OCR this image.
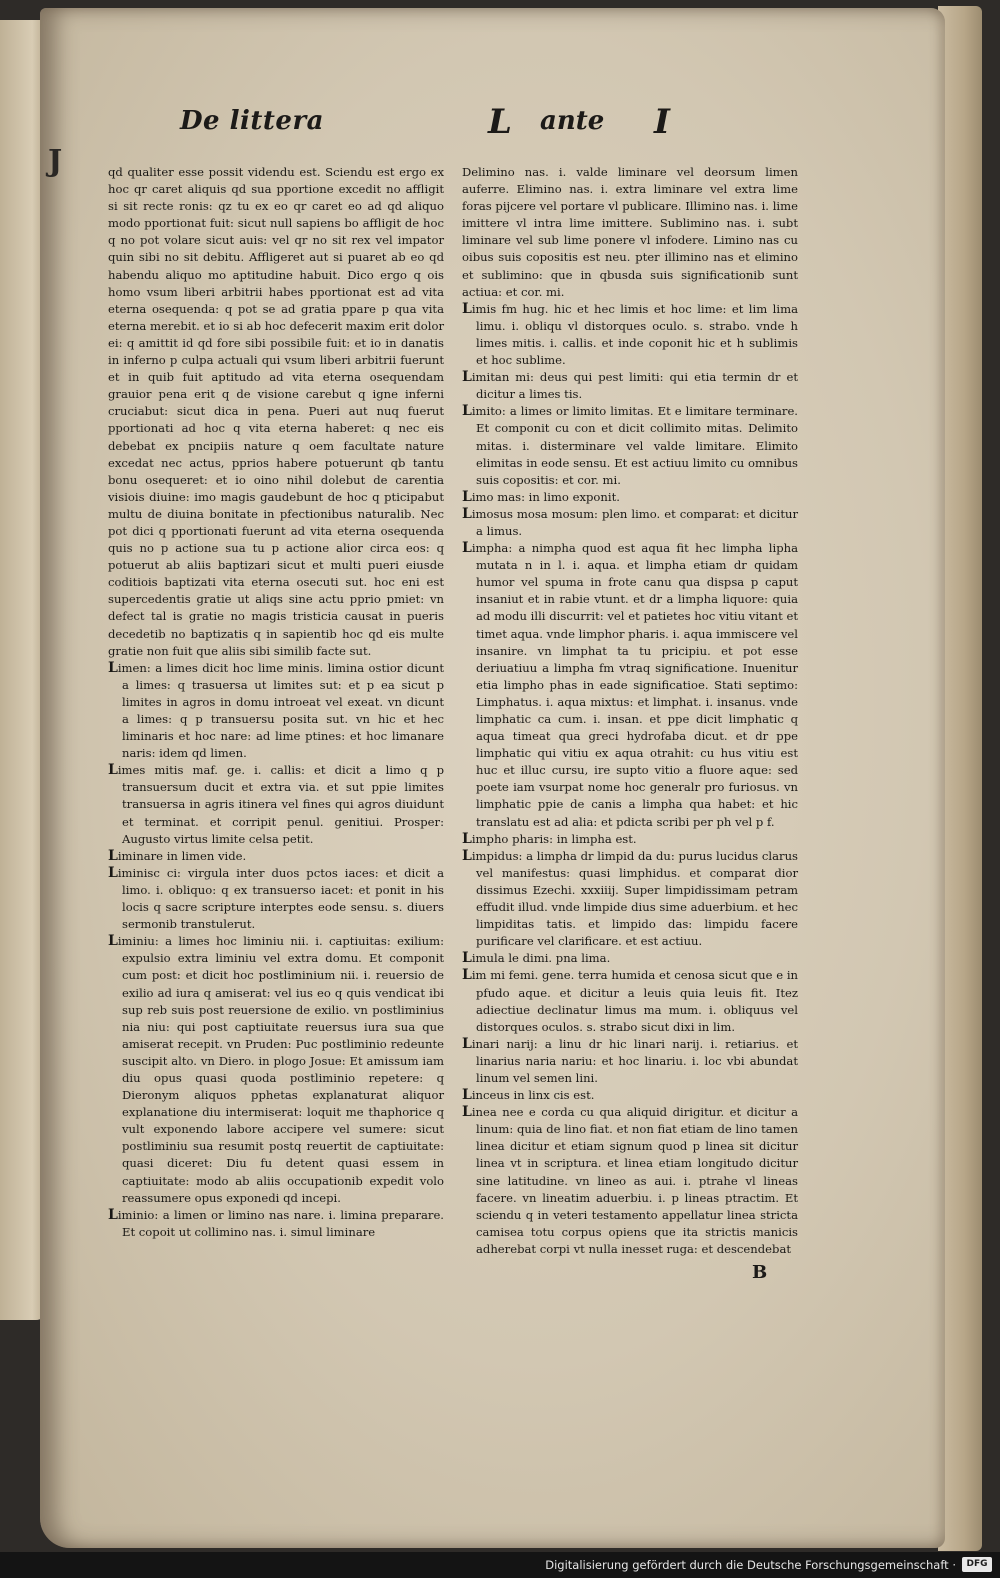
J
De littera	L ante I

qd qualiter esse possit videndu est. Sciendu est ergo ex hoc qr caret aliquis qd sua pportione excedit no affligit si sit recte ronis: qz tu ex eo qr caret eo ad qd aliquo modo pportionat fuit: sicut null sapiens bo affligit de hoc q no pot volare sicut auis: vel qr no sit rex vel impator quin sibi no sit debitu. Affligeret aut si puaret ab eo qd habendu aliquo mo aptitudine habuit. Dico ergo q ois homo vsum liberi arbitrii habes pportionat est ad vita eterna osequenda: q pot se ad gratia ppare p qua vita eterna merebit. et io si ab hoc defecerit maxim erit dolor ei: q amittit id qd fore sibi possibile fuit: et io in danatis in inferno p culpa actuali qui vsum liberi arbitrii fuerunt et in quib fuit aptitudo ad vita eterna osequendam grauior pena erit q de visione carebut q igne inferni cruciabut: sicut dica in pena. Pueri aut nuq fuerut pportionati ad hoc q vita eterna haberet: q nec eis debebat ex pncipiis nature q oem facultate nature excedat nec actus, pprios habere potuerunt qb tantu bonu osequeret: et io oino nihil dolebut de carentia visiois diuine: imo magis gaudebunt de hoc q pticipabut multu de diuina bonitate in pfectionibus naturalib. Nec pot dici q pportionati fuerunt ad vita eterna osequenda quis no p actione sua tu p actione alior circa eos: q potuerut ab aliis baptizari sicut et multi pueri eiusde coditiois baptizati vita eterna osecuti sut. hoc eni est supercedentis gratie ut aliqs sine actu pprio pmiet: vn defect tal is gratie no magis tristicia causat in pueris decedetib no baptizatis q in sapientib hoc qd eis multe gratie non fuit que aliis sibi similib facte sut.

Limen: a limes dicit hoc lime minis. limina ostior dicunt a limes: q trasuersa ut limites sut: et p ea sicut p limites in agros in domu introeat vel exeat. vn dicunt a limes: q p transuersu posita sut. vn hic et hec liminaris et hoc nare: ad lime ptines: et hoc limanare naris: idem qd limen.

Limes mitis maf. ge. i. callis: et dicit a limo q p transuersum ducit et extra via. et sut ppie limites transuersa in agris itinera vel fines qui agros diuidunt et terminat. et corripit penul. genitiui. Prosper: Augusto virtus limite celsa petit.

Liminare in limen vide.

Liminisc ci: virgula inter duos pctos iaces: et dicit a limo. i. obliquo: q ex transuerso iacet: et ponit in his locis q sacre scripture interptes eode sensu. s. diuers sermonib transtulerut.

Liminiu: a limes hoc liminiu nii. i. captiuitas: exilium: expulsio extra liminiu vel extra domu. Et componit cum post: et dicit hoc postliminium nii. i. reuersio de exilio ad iura q amiserat: vel ius eo q quis vendicat ibi sup reb suis post reuersione de exilio. vn postliminius nia niu: qui post captiuitate reuersus iura sua que amiserat recepit. vn Pruden: Puc postliminio redeunte suscipit alto. vn Diero. in plogo Josue: Et amissum iam diu opus quasi quoda postliminio repetere: q Dieronym aliquos pphetas explanaturat aliquor explanatione diu intermiserat: loquit me thaphorice q vult exponendo labore accipere vel sumere: sicut postliminiu sua resumit postq reuertit de captiuitate: quasi diceret: Diu fu detent quasi essem in captiuitate: modo ab aliis occupationib expedit volo reassumere opus exponedi qd incepi.

Liminio: a limen or limino nas nare. i. limina preparare. Et copoit ut collimino nas. i. simul liminare

Delimino nas. i. valde liminare vel deorsum limen auferre. Elimino nas. i. extra liminare vel extra lime foras pijcere vel portare vl publicare. Illimino nas. i. lime imittere vl intra lime imittere. Sublimino nas. i. subt liminare vel sub lime ponere vl infodere. Limino nas cu oibus suis copositis est neu. pter illimino nas et elimino et sublimino: que in qbusda suis significationib sunt actiua: et cor. mi.

Limis fm hug. hic et hec limis et hoc lime: et lim lima limu. i. obliqu vl distorques oculo. s. strabo. vnde h limes mitis. i. callis. et inde coponit hic et h sublimis et hoc sublime.

Limitan mi: deus qui pest limiti: qui etia termin dr et dicitur a limes tis.

Limito: a limes or limito limitas. Et e limitare terminare. Et componit cu con et dicit collimito mitas. Delimito mitas. i. disterminare vel valde limitare. Elimito elimitas in eode sensu. Et est actiuu limito cu omnibus suis copositis: et cor. mi.

Limo mas: in limo exponit.

Limosus mosa mosum: plen limo. et comparat: et dicitur a limus.

Limpha: a nimpha quod est aqua fit hec limpha lipha mutata n in l. i. aqua. et limpha etiam dr quidam humor vel spuma in frote canu qua dispsa p caput insaniut et in rabie vtunt. et dr a limpha liquore: quia ad modu illi discurrit: vel et patietes hoc vitiu vitant et timet aqua. vnde limphor pharis. i. aqua immiscere vel insanire. vn limphat ta tu pricipiu. et pot esse deriuatiuu a limpha fm vtraq significatione. Inuenitur etia limpho phas in eade significatioe. Stati septimo: Limphatus. i. aqua mixtus: et limphat. i. insanus. vnde limphatic ca cum. i. insan. et ppe dicit limphatic q aqua timeat qua greci hydrofaba dicut. et dr ppe limphatic qui vitiu ex aqua otrahit: cu hus vitiu est huc et illuc cursu, ire supto vitio a fluore aque: sed poete iam vsurpat nome hoc generalr pro furiosus. vn limphatic ppie de canis a limpha qua habet: et hic translatu est ad alia: et pdicta scribi per ph vel p f.

Limpho pharis: in limpha est.

Limpidus: a limpha dr limpid da du: purus lucidus clarus vel manifestus: quasi limphidus. et comparat dior dissimus Ezechi. xxxiiij. Super limpidissimam petram effudit illud. vnde limpide dius sime aduerbium. et hec limpiditas tatis. et limpido das: limpidu facere purificare vel clarificare. et est actiuu.

Limula le dimi. pna lima.

Lim mi femi. gene. terra humida et cenosa sicut que e in pfudo aque. et dicitur a leuis quia leuis fit. Itez adiectiue declinatur limus ma mum. i. obliquus vel distorques oculos. s. strabo sicut dixi in lim.

Linari narij: a linu dr hic linari narij. i. retiarius. et linarius naria nariu: et hoc linariu. i. loc vbi abundat linum vel semen lini.

Linceus in linx cis est.

Linea nee e corda cu qua aliquid dirigitur. et dicitur a linum: quia de lino fiat. et non fiat etiam de lino tamen linea dicitur et etiam signum quod p linea sit dicitur linea vt in scriptura. et linea etiam longitudo dicitur sine latitudine. vn lineo as aui. i. ptrahe vl lineas facere. vn lineatim aduerbiu. i. p lineas ptractim. Et sciendu q in veteri testamento appellatur linea stricta camisea totu corpus opiens que ita strictis manicis adherebat corpi vt nulla inesset ruga: et descendebat

B
Digitalisierung gefördert durch die Deutsche Forschungsgemeinschaft ·	DFG
